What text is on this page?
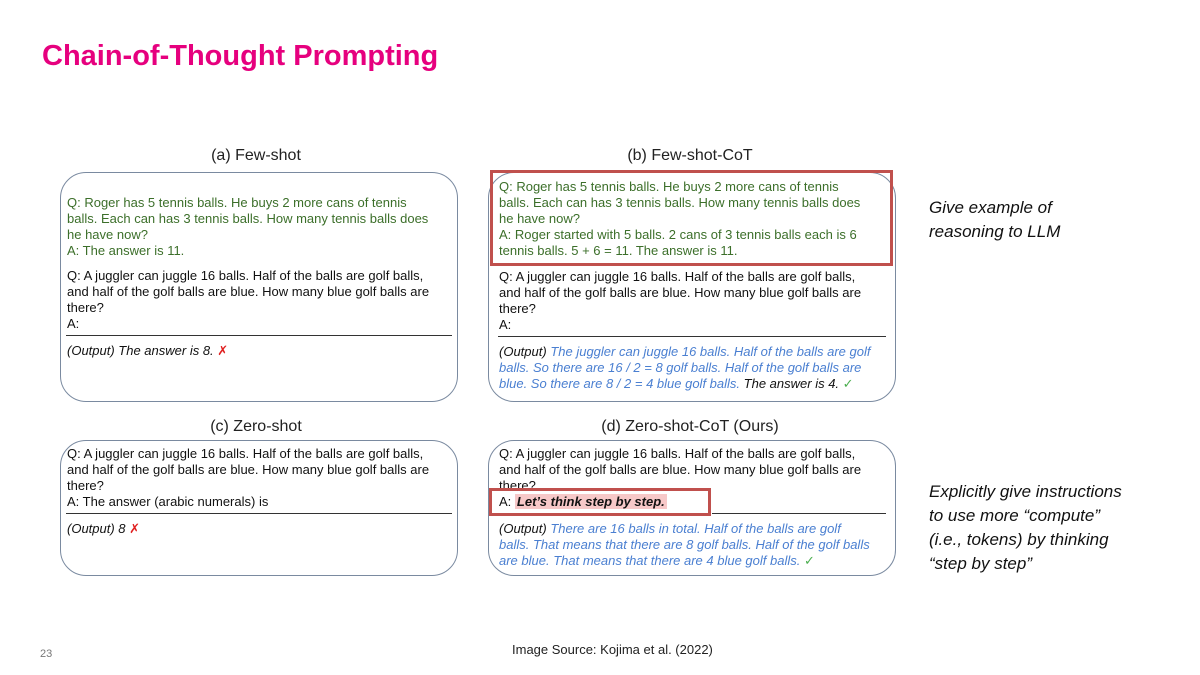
Chain-of-Thought Prompting
(a) Few-shot
Q: Roger has 5 tennis balls. He buys 2 more cans of tennis
balls. Each can has 3 tennis balls. How many tennis balls does
he have now?
A: The answer is 11.
Q: A juggler can juggle 16 balls. Half of the balls are golf balls,
and half of the golf balls are blue. How many blue golf balls are
there?
A:
(Output) The answer is 8. ✗
(b) Few-shot-CoT
Q: Roger has 5 tennis balls. He buys 2 more cans of tennis
balls. Each can has 3 tennis balls. How many tennis balls does
he have now?
A: Roger started with 5 balls. 2 cans of 3 tennis balls each is 6
tennis balls. 5 + 6 = 11. The answer is 11.
Q: A juggler can juggle 16 balls. Half of the balls are golf balls,
and half of the golf balls are blue. How many blue golf balls are
there?
A:
(Output) The juggler can juggle 16 balls. Half of the balls are golf
balls. So there are 16 / 2 = 8 golf balls. Half of the golf balls are
blue. So there are 8 / 2 = 4 blue golf balls. The answer is 4. ✓
(c) Zero-shot
Q: A juggler can juggle 16 balls. Half of the balls are golf balls,
and half of the golf balls are blue. How many blue golf balls are
there?
A: The answer (arabic numerals) is
(Output) 8 ✗
(d) Zero-shot-CoT (Ours)
Q: A juggler can juggle 16 balls. Half of the balls are golf balls,
and half of the golf balls are blue. How many blue golf balls are
there?
A: Let’s think step by step.
(Output) There are 16 balls in total. Half of the balls are golf
balls. That means that there are 8 golf balls. Half of the golf balls
are blue. That means that there are 4 blue golf balls. ✓
Give example of
reasoning to LLM
Explicitly give instructions
to use more “compute”
(i.e., tokens) by thinking
“step by step”
23	Image Source: Kojima et al. (2022)
